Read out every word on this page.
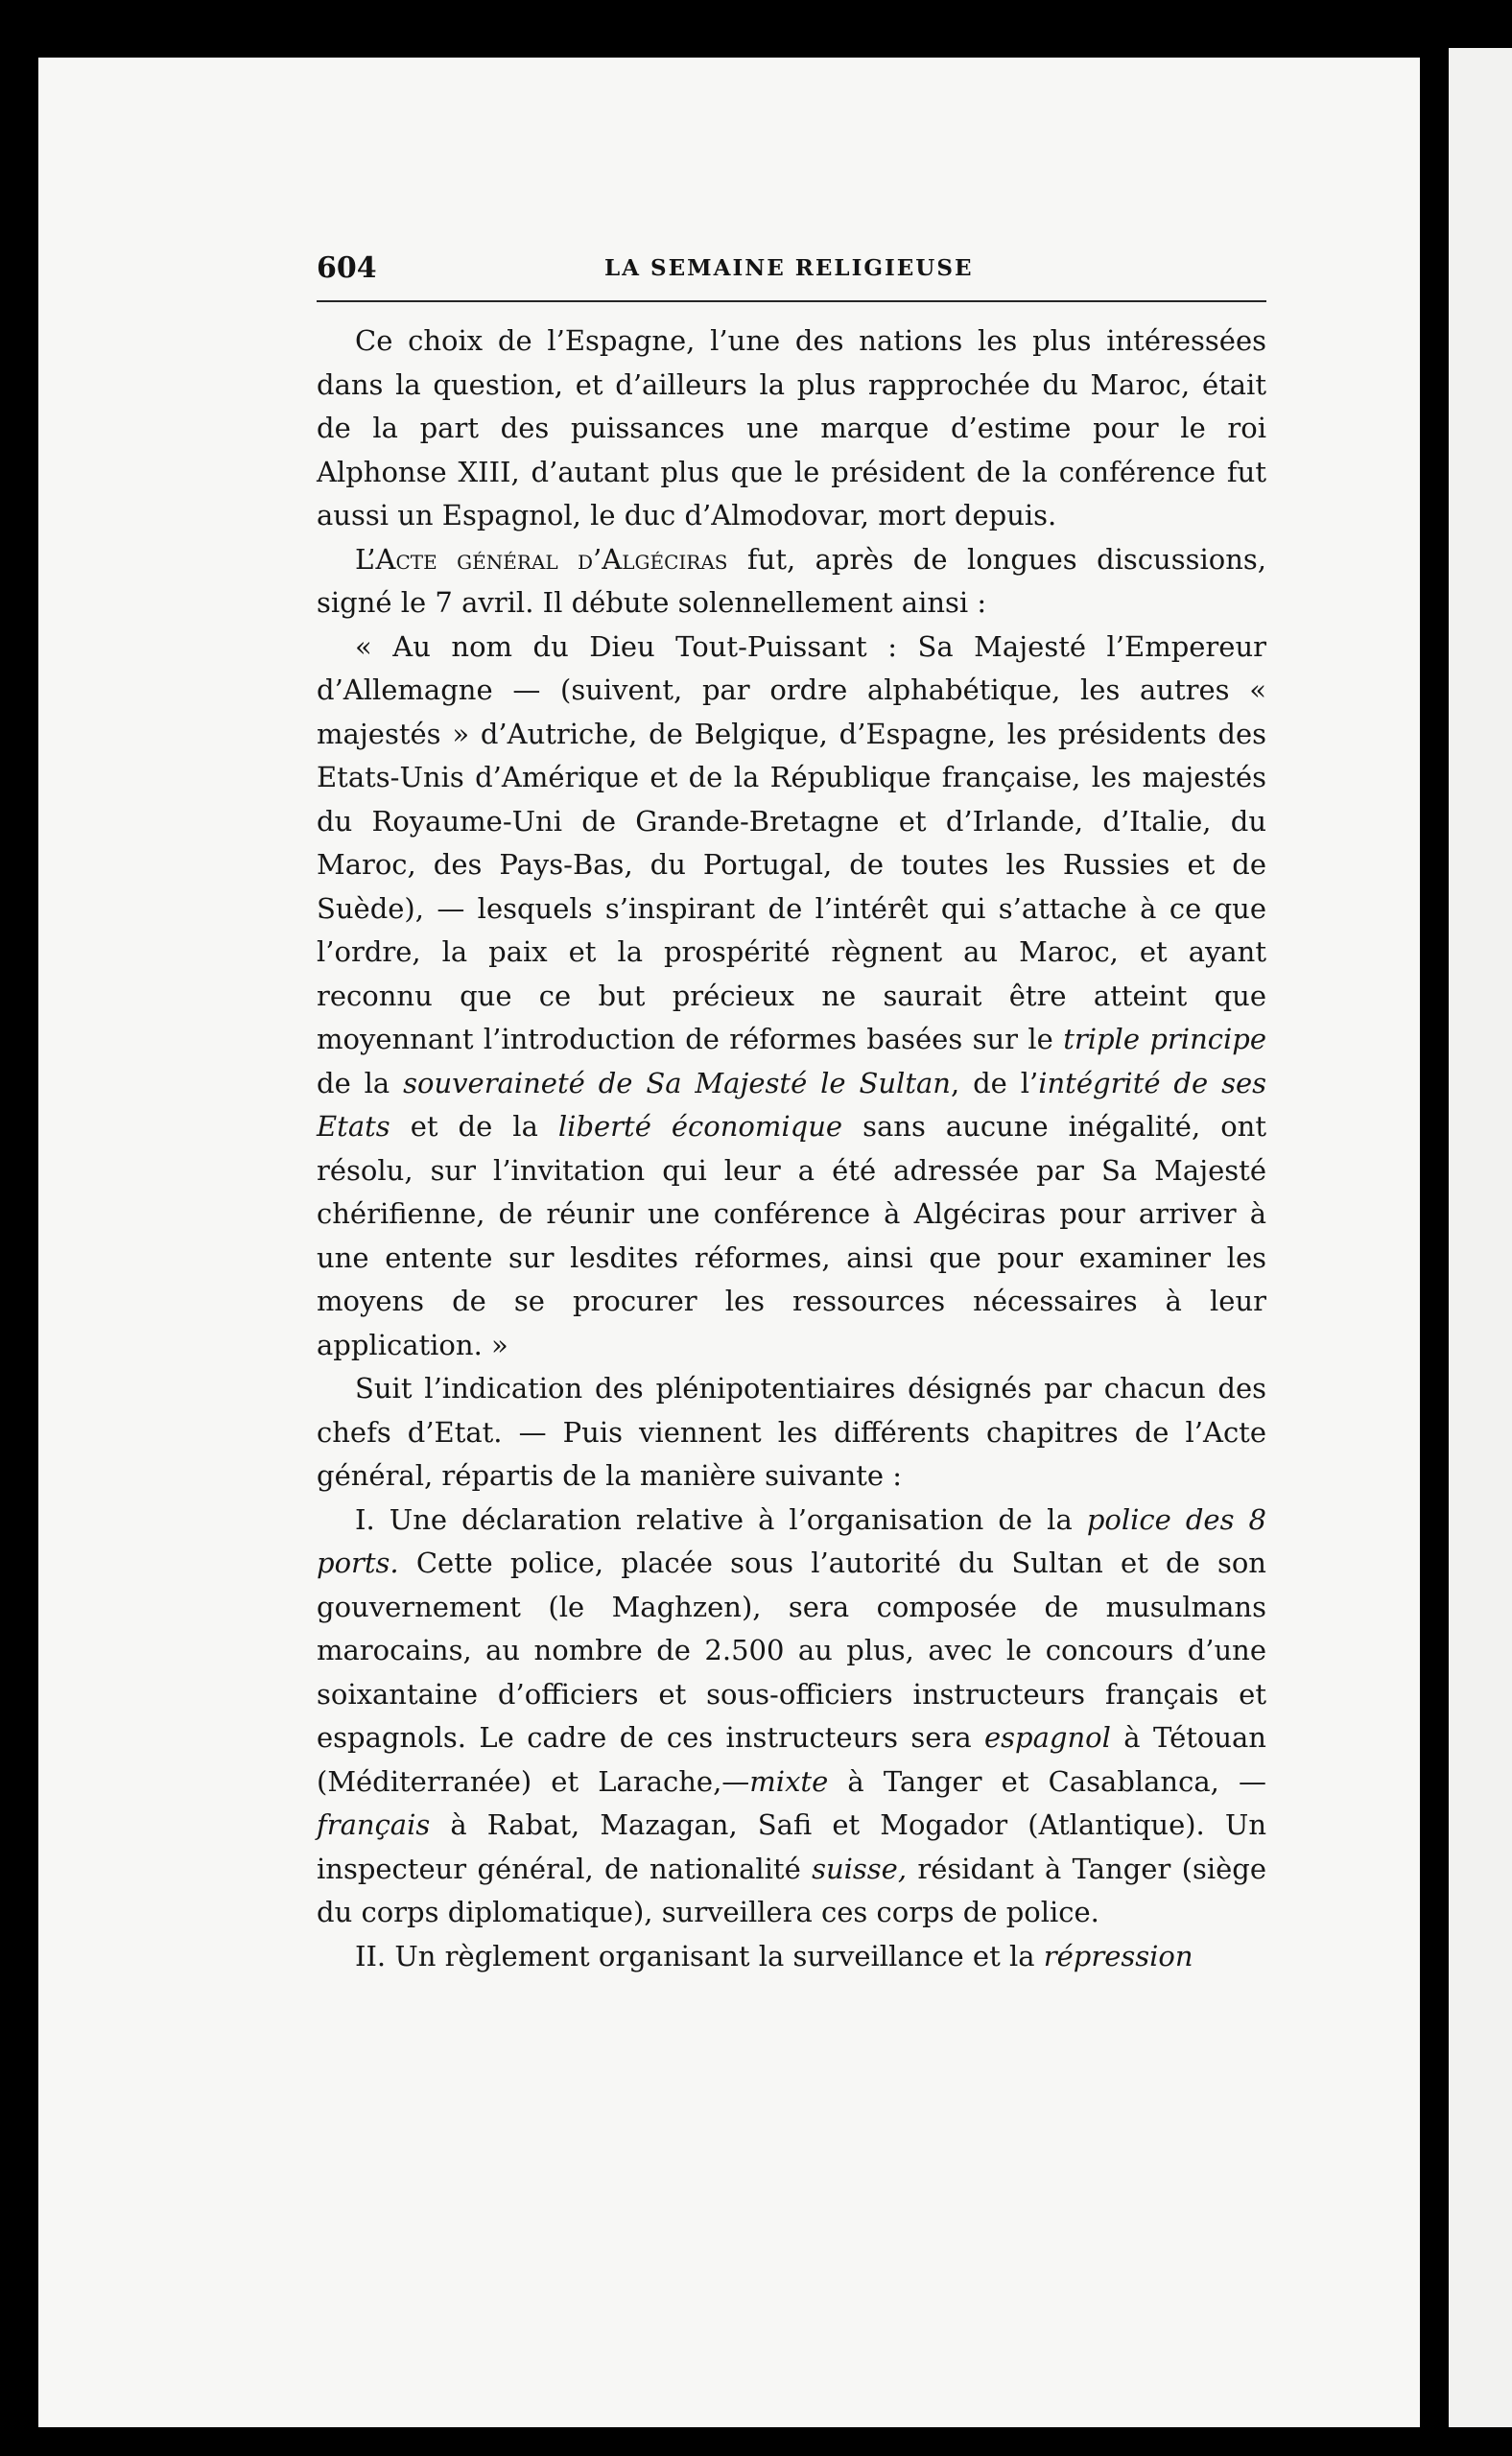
604	LA SEMAINE RELIGIEUSE

Ce choix de l’Espagne, l’une des nations les plus intéressées dans la question, et d’ailleurs la plus rapprochée du Maroc, était de la part des puissances une marque d’estime pour le roi Alphonse XIII, d’autant plus que le président de la conférence fut aussi un Espagnol, le duc d’Almodovar, mort depuis.

L’Acte général d’Algéciras fut, après de longues discussions, signé le 7 avril. Il débute solennellement ainsi :

« Au nom du Dieu Tout-Puissant : Sa Majesté l’Empereur d’Allemagne — (suivent, par ordre alphabétique, les autres « majestés » d’Autriche, de Belgique, d’Espagne, les présidents des Etats-Unis d’Amérique et de la République française, les majestés du Royaume-Uni de Grande-Bretagne et d’Irlande, d’Italie, du Maroc, des Pays-Bas, du Portugal, de toutes les Russies et de Suède), — lesquels s’inspirant de l’intérêt qui s’attache à ce que l’ordre, la paix et la prospérité règnent au Maroc, et ayant reconnu que ce but précieux ne saurait être atteint que moyennant l’introduction de réformes basées sur le triple principe de la souveraineté de Sa Majesté le Sultan, de l’intégrité de ses Etats et de la liberté économique sans aucune inégalité, ont résolu, sur l’invitation qui leur a été adressée par Sa Majesté chérifienne, de réunir une conférence à Algéciras pour arriver à une entente sur lesdites réformes, ainsi que pour examiner les moyens de se procurer les ressources nécessaires à leur application. »

Suit l’indication des plénipotentiaires désignés par chacun des chefs d’Etat. — Puis viennent les différents chapitres de l’Acte général, répartis de la manière suivante :

I. Une déclaration relative à l’organisation de la police des 8 ports. Cette police, placée sous l’autorité du Sultan et de son gouvernement (le Maghzen), sera composée de musulmans marocains, au nombre de 2.500 au plus, avec le concours d’une soixantaine d’officiers et sous-officiers instructeurs français et espagnols. Le cadre de ces instructeurs sera espagnol à Tétouan (Méditerranée) et Larache,—mixte à Tanger et Casablanca, —français à Rabat, Mazagan, Safi et Mogador (Atlantique). Un inspecteur général, de nationalité suisse, résidant à Tanger (siège du corps diplomatique), surveillera ces corps de police.

II. Un règlement organisant la surveillance et la répression
